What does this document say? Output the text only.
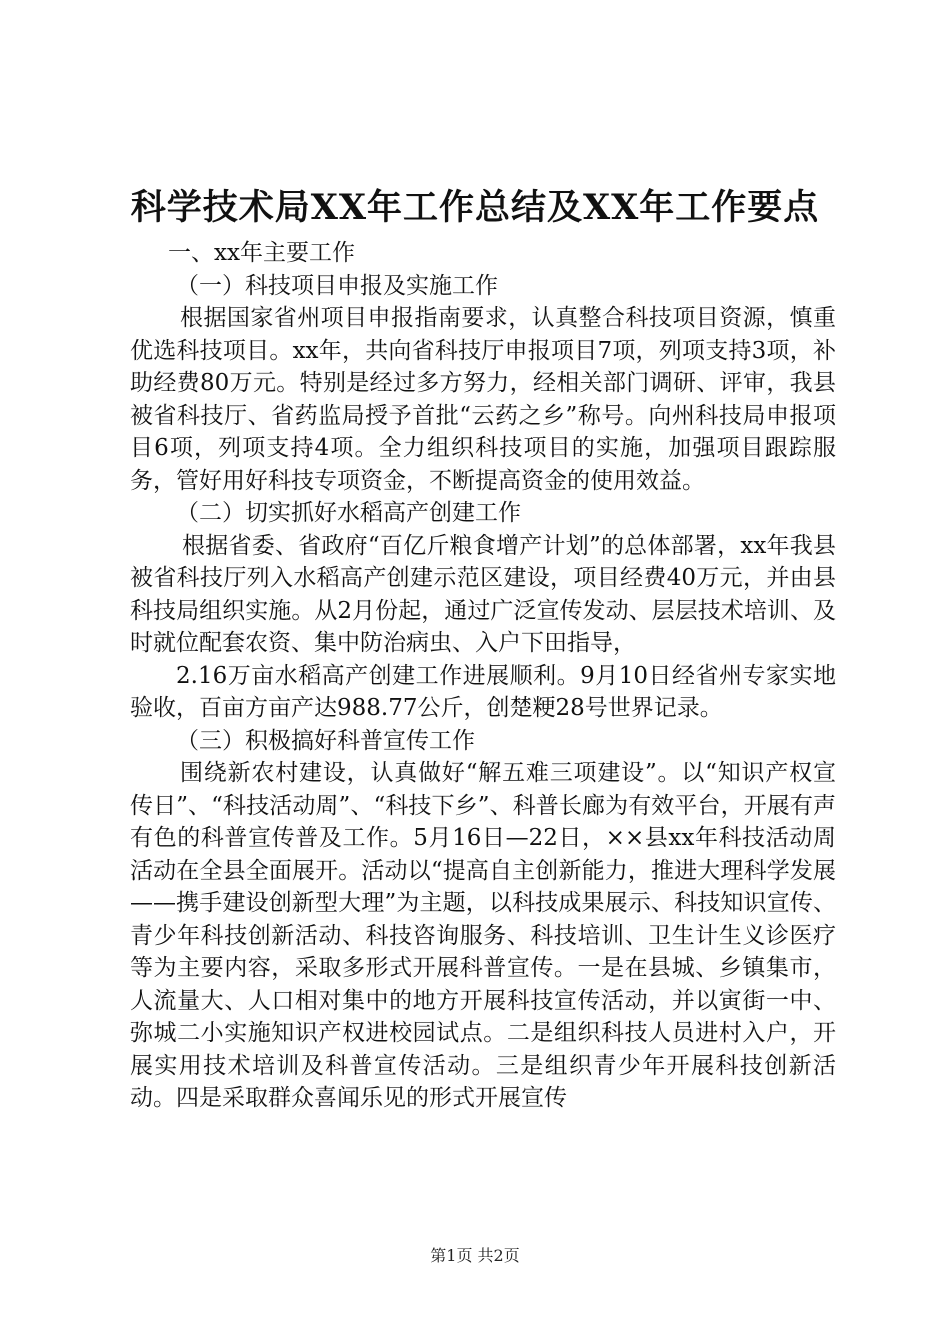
科学技术局XX年工作总结及XX年工作要点

一、xx年主要工作

（一）科技项目申报及实施工作

根据国家省州项目申报指南要求，认真整合科技项目资源，慎重优选科技项目。xx年，共向省科技厅申报项目7项，列项支持3项，补助经费80万元。特别是经过多方努力，经相关部门调研、评审，我县被省科技厅、省药监局授予首批“云药之乡”称号。向州科技局申报项目6项，列项支持4项。全力组织科技项目的实施，加强项目跟踪服务，管好用好科技专项资金，不断提高资金的使用效益。

（二）切实抓好水稻高产创建工作

根据省委、省政府“百亿斤粮食增产计划”的总体部署，xx年我县被省科技厅列入水稻高产创建示范区建设，项目经费40万元，并由县科技局组织实施。从2月份起，通过广泛宣传发动、层层技术培训、及时就位配套农资、集中防治病虫、入户下田指导，

2.16万亩水稻高产创建工作进展顺利。9月10日经省州专家实地验收，百亩方亩产达988.77公斤，创楚粳28号世界记录。

（三）积极搞好科普宣传工作

围绕新农村建设，认真做好“解五难三项建设”。以“知识产权宣传日”、“科技活动周”、“科技下乡”、科普长廊为有效平台，开展有声有色的科普宣传普及工作。5月16日—22日，××县xx年科技活动周活动在全县全面展开。活动以“提高自主创新能力，推进大理科学发展——携手建设创新型大理”为主题，以科技成果展示、科技知识宣传、青少年科技创新活动、科技咨询服务、科技培训、卫生计生义诊医疗等为主要内容，采取多形式开展科普宣传。一是在县城、乡镇集市，人流量大、人口相对集中的地方开展科技宣传活动，并以寅街一中、弥城二小实施知识产权进校园试点。二是组织科技人员进村入户，开展实用技术培训及科普宣传活动。三是组织青少年开展科技创新活动。四是采取群众喜闻乐见的形式开展宣传

第1页 共2页
